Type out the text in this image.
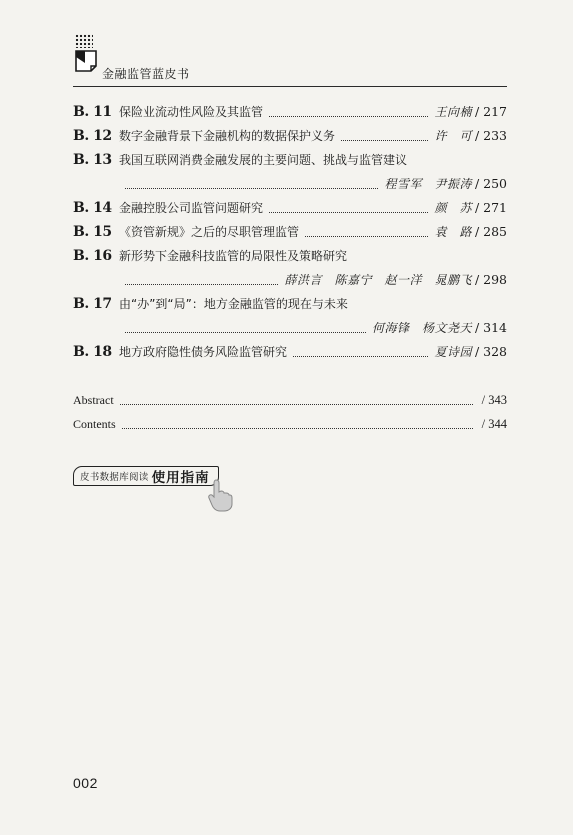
金融监管蓝皮书
B. 11 保险业流动性风险及其监管	王向楠 / 217
B. 12 数字金融背景下金融机构的数据保护义务	许　可 / 233
B. 13 我国互联网消费金融发展的主要问题、挑战与监管建议
程雪军　尹振涛 / 250
B. 14 金融控股公司监管问题研究	颜　苏 / 271
B. 15 《资管新规》之后的尽职管理监管	袁　路 / 285
B. 16 新形势下金融科技监管的局限性及策略研究
薛洪言　陈嘉宁　赵一洋　晁鹏飞 / 298
B. 17 由“办”到“局”：地方金融监管的现在与未来
何海锋　杨文尧天 / 314
B. 18 地方政府隐性债务风险监管研究	夏诗园 / 328
Abstract	/ 343
Contents	/ 344
皮书数据库阅读 使用指南
002
